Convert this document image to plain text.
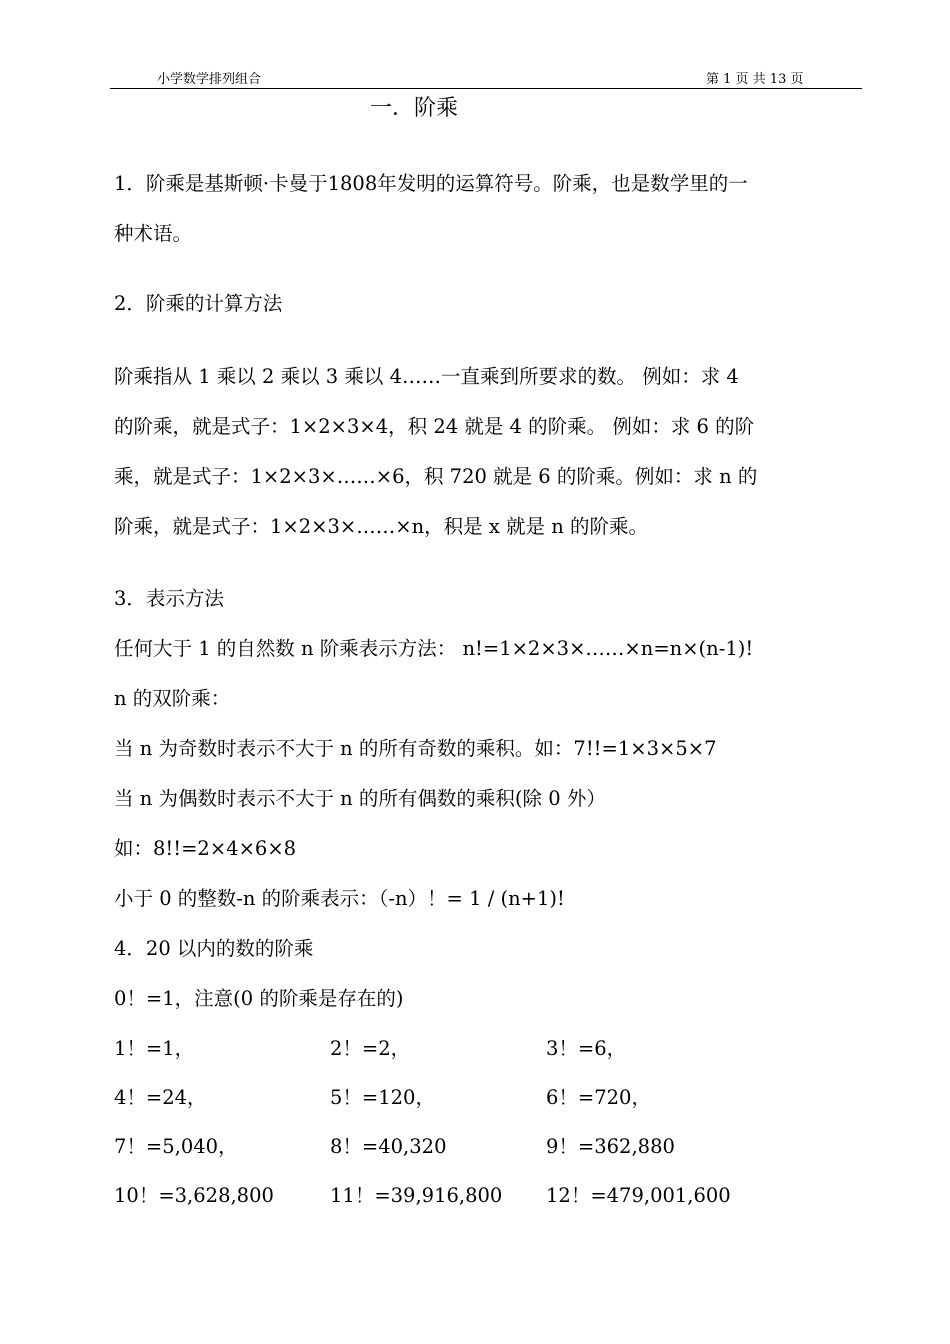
小学数学排列组合	第 1 页 共 13 页
一．阶乘
1．阶乘是基斯顿·卡曼于1808年发明的运算符号。阶乘，也是数学里的一
种术语。
2．阶乘的计算方法
阶乘指从 1 乘以 2 乘以 3 乘以 4……一直乘到所要求的数。 例如：求 4
的阶乘，就是式子：1×2×3×4，积 24 就是 4 的阶乘。 例如：求 6 的阶
乘，就是式子：1×2×3×……×6，积 720 就是 6 的阶乘。例如：求 n 的
阶乘，就是式子：1×2×3×……×n，积是 x 就是 n 的阶乘。
3．表示方法
任何大于 1 的自然数 n 阶乘表示方法： n!=1×2×3×……×n=n×(n-1)!
n 的双阶乘：
当 n 为奇数时表示不大于 n 的所有奇数的乘积。如：7!!=1×3×5×7
当 n 为偶数时表示不大于 n 的所有偶数的乘积(除 0 外）
如：8!!=2×4×6×8
小于 0 的整数-n 的阶乘表示：（-n）！= 1 / (n+1)!
4．20 以内的数的阶乘
0！=1，注意(0 的阶乘是存在的)
1！=1，	2！=2，	3！=6，
4！=24，	5！=120，	6！=720，
7！=5,040，	8！=40,320	9！=362,880
10！=3,628,800	11！=39,916,800 12！=479,001,600
